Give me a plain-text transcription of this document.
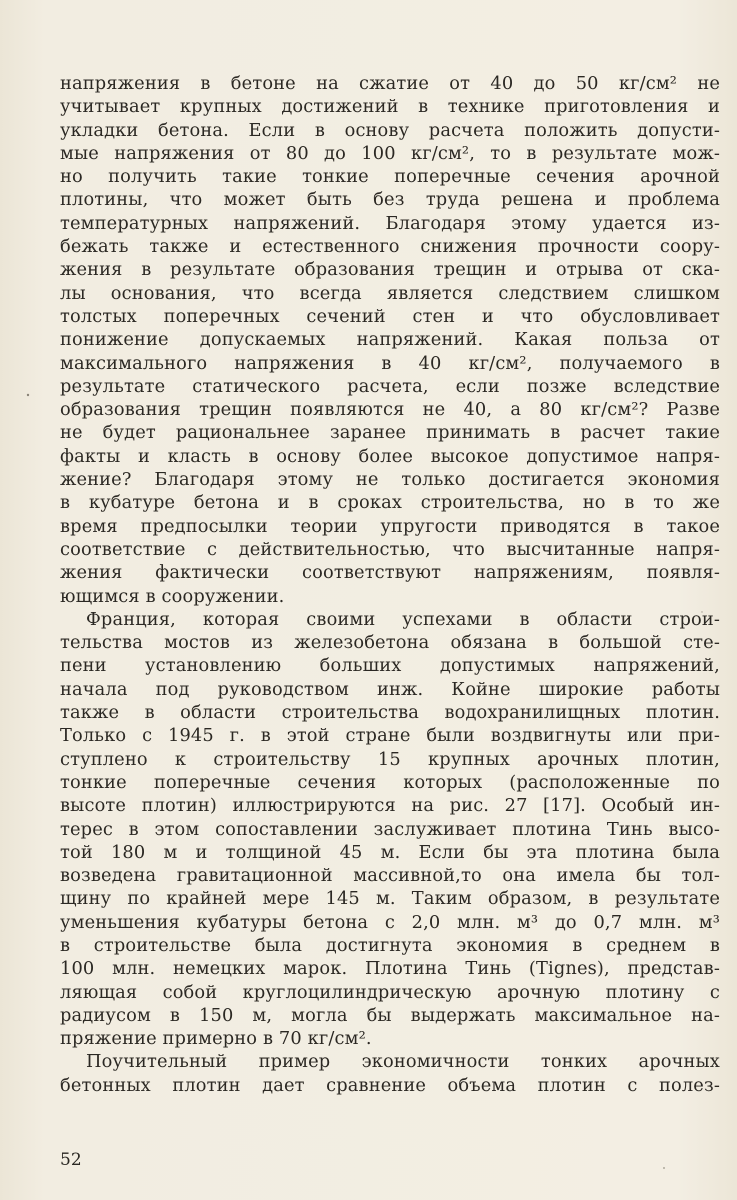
напряжения в бетоне на сжатие от 40 до 50 кг/см² не
учитывает крупных достижений в технике приготовления и
укладки бетона. Если в основу расчета положить допусти-
мые напряжения от 80 до 100 кг/см², то в результате мож-
но получить такие тонкие поперечные сечения арочной
плотины, что может быть без труда решена и проблема
температурных напряжений. Благодаря этому удается из-
бежать также и естественного снижения прочности соору-
жения в результате образования трещин и отрыва от ска-
лы основания, что всегда является следствием слишком
толстых поперечных сечений стен и что обусловливает
понижение допускаемых напряжений. Какая польза от
максимального напряжения в 40 кг/см², получаемого в
результате статического расчета, если позже вследствие
образования трещин появляются не 40, а 80 кг/см²? Разве
не будет рациональнее заранее принимать в расчет такие
факты и класть в основу более высокое допустимое напря-
жение? Благодаря этому не только достигается экономия
в кубатуре бетона и в сроках строительства, но в то же
время предпосылки теории упругости приводятся в такое
соответствие с действительностью, что высчитанные напря-
жения фактически соответствуют напряжениям, появля-
ющимся в сооружении.
Франция, которая своими успехами в области строи-
тельства мостов из железобетона обязана в большой сте-
пени установлению больших допустимых напряжений,
начала под руководством инж. Койне широкие работы
также в области строительства водохранилищных плотин.
Только с 1945 г. в этой стране были воздвигнуты или при-
ступлено к строительству 15 крупных арочных плотин,
тонкие поперечные сечения которых (расположенные по
высоте плотин) иллюстрируются на рис. 27 [17]. Особый ин-
терес в этом сопоставлении заслуживает плотина Тинь высо-
той 180 м и толщиной 45 м. Если бы эта плотина была
возведена гравитационной массивной,то она имела бы тол-
щину по крайней мере 145 м. Таким образом, в результате
уменьшения кубатуры бетона с 2,0 млн. м³ до 0,7 млн. м³
в строительстве была достигнута экономия в среднем в
100 млн. немецких марок. Плотина Тинь (Tignes), представ-
ляющая собой круглоцилиндрическую арочную плотину с
радиусом в 150 м, могла бы выдержать максимальное на-
пряжение примерно в 70 кг/см².
Поучительный пример экономичности тонких арочных
бетонных плотин дает сравнение объема плотин с полез-
52
